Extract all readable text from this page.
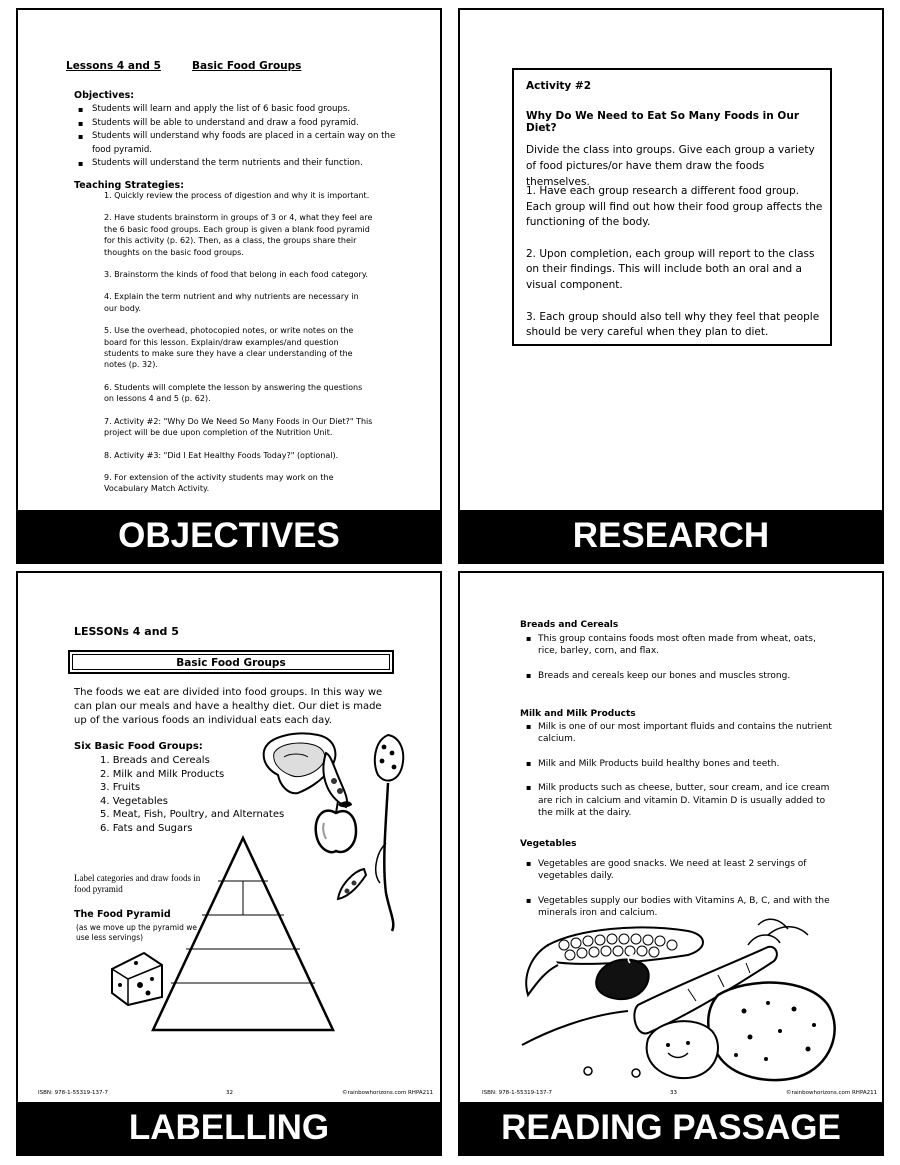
Lessons 4 and 5	Basic Food Groups
Objectives:
▪ Students will learn and apply the list of 6 basic food groups.
▪ Students will be able to understand and draw a food pyramid.
▪ Students will understand why foods are placed in a certain way on the food pyramid.
▪ Students will understand the term nutrients and their function.
Teaching Strategies:
1. Quickly review the process of digestion and why it is important.
2. Have students brainstorm in groups of 3 or 4, what they feel are the 6 basic food groups. Each group is given a blank food pyramid for this activity (p. 62). Then, as a class, the groups share their thoughts on the basic food groups.
3. Brainstorm the kinds of food that belong in each food category.
4. Explain the term nutrient and why nutrients are necessary in our body.
5. Use the overhead, photocopied notes, or write notes on the board for this lesson. Explain/draw examples/and question students to make sure they have a clear understanding of the notes (p. 32).
6. Students will complete the lesson by answering the questions on lessons 4 and 5 (p. 62).
7. Activity #2: "Why Do We Need So Many Foods in Our Diet?" This project will be due upon completion of the Nutrition Unit.
8. Activity #3: "Did I Eat Healthy Foods Today?" (optional).
9. For extension of the activity students may work on the Vocabulary Match Activity.
OBJECTIVES
Activity #2
Why Do We Need to Eat So Many Foods in Our Diet?
Divide the class into groups. Give each group a variety of food pictures/or have them draw the foods themselves.
1. Have each group research a different food group. Each group will find out how their food group affects the functioning of the body.
2. Upon completion, each group will report to the class on their findings. This will include both an oral and a visual component.
3. Each group should also tell why they feel that people should be very careful when they plan to diet.
RESEARCH
LESSONs 4 and 5
Basic Food Groups
The foods we eat are divided into food groups. In this way we can plan our meals and have a healthy diet. Our diet is made up of the various foods an individual eats each day.
Six Basic Food Groups:
1. Breads and Cereals
2. Milk and Milk Products
3. Fruits
4. Vegetables
5. Meat, Fish, Poultry, and Alternates
6. Fats and Sugars
Label categories and draw foods in food pyramid
The Food Pyramid
(as we move up the pyramid we use less servings)
ISBN: 978-1-55319-137-7	32	©rainbowhorizons.com RHPA211
LABELLING
Breads and Cereals
▪ This group contains foods most often made from wheat, oats, rice, barley, corn, and flax.
▪ Breads and cereals keep our bones and muscles strong.
Milk and Milk Products
▪ Milk is one of our most important fluids and contains the nutrient calcium.
▪ Milk and Milk Products build healthy bones and teeth.
▪ Milk products such as cheese, butter, sour cream, and ice cream are rich in calcium and vitamin D. Vitamin D is usually added to the milk at the dairy.
Vegetables
▪ Vegetables are good snacks. We need at least 2 servings of vegetables daily.
▪ Vegetables supply our bodies with Vitamins A, B, C, and with the minerals iron and calcium.
ISBN: 978-1-55319-137-7	33	©rainbowhorizons.com RHPA211
READING PASSAGE
